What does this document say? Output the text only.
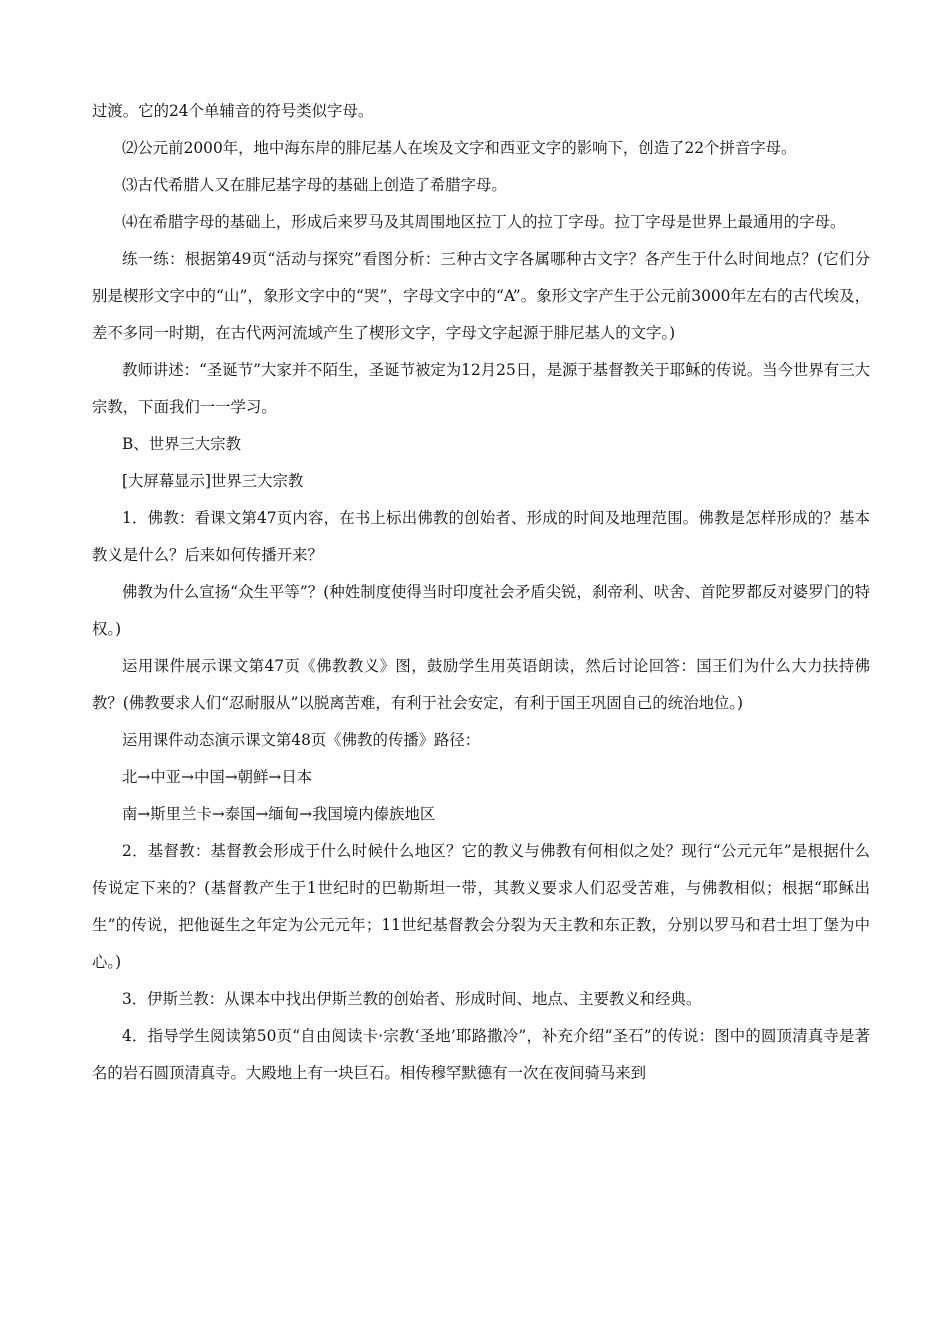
过渡。它的24个单辅音的符号类似字母。

⑵公元前2000年，地中海东岸的腓尼基人在埃及文字和西亚文字的影响下，创造了22个拼音字母。

⑶古代希腊人又在腓尼基字母的基础上创造了希腊字母。

⑷在希腊字母的基础上，形成后来罗马及其周围地区拉丁人的拉丁字母。拉丁字母是世界上最通用的字母。

练一练：根据第49页“活动与探究”看图分析：三种古文字各属哪种古文字？各产生于什么时间地点？(它们分别是楔形文字中的“山”，象形文字中的“哭”，字母文字中的“A”。象形文字产生于公元前3000年左右的古代埃及，差不多同一时期，在古代两河流域产生了楔形文字，字母文字起源于腓尼基人的文字。)

教师讲述：“圣诞节”大家并不陌生，圣诞节被定为12月25日，是源于基督教关于耶稣的传说。当今世界有三大宗教，下面我们一一学习。

B、世界三大宗教

[大屏幕显示]世界三大宗教

1．佛教：看课文第47页内容，在书上标出佛教的创始者、形成的时间及地理范围。佛教是怎样形成的？基本教义是什么？后来如何传播开来？

佛教为什么宣扬“众生平等”？(种姓制度使得当时印度社会矛盾尖锐，刹帝利、吠舍、首陀罗都反对婆罗门的特权。)

运用课件展示课文第47页《佛教教义》图，鼓励学生用英语朗读，然后讨论回答：国王们为什么大力扶持佛教？(佛教要求人们“忍耐服从”以脱离苦难，有利于社会安定，有利于国王巩固自己的统治地位。)

运用课件动态演示课文第48页《佛教的传播》路径：

北→中亚→中国→朝鲜→日本

南→斯里兰卡→泰国→缅甸→我国境内傣族地区

2．基督教：基督教会形成于什么时候什么地区？它的教义与佛教有何相似之处？现行“公元元年”是根据什么传说定下来的？(基督教产生于1世纪时的巴勒斯坦一带，其教义要求人们忍受苦难，与佛教相似；根据“耶稣出生”的传说，把他诞生之年定为公元元年；11世纪基督教会分裂为天主教和东正教，分别以罗马和君士坦丁堡为中心。)

3．伊斯兰教：从课本中找出伊斯兰教的创始者、形成时间、地点、主要教义和经典。

4．指导学生阅读第50页“自由阅读卡·宗教‘圣地’耶路撒冷”，补充介绍“圣石”的传说：图中的圆顶清真寺是著名的岩石圆顶清真寺。大殿地上有一块巨石。相传穆罕默德有一次在夜间骑马来到
